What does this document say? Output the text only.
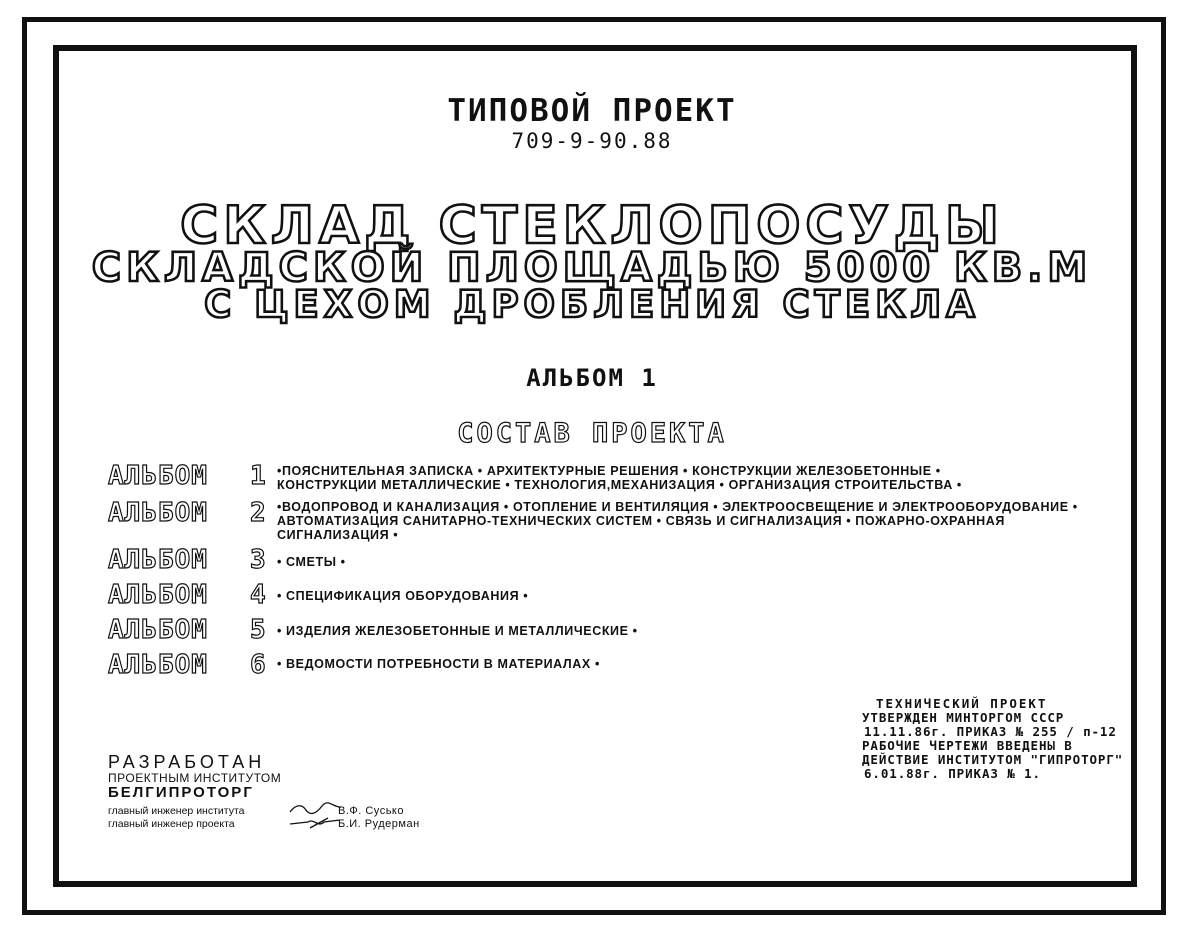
ТИПОВОЙ ПРОЕКТ
709-9-90.88
СКЛАД СТЕКЛОПОСУДЫ
СКЛАДСКОЙ ПЛОЩАДЬЮ 5000 КВ.М
С ЦЕХОМ ДРОБЛЕНИЯ СТЕКЛА
АЛЬБОМ 1
СОСТАВ ПРОЕКТА
АЛЬБОМ 1 •ПОЯСНИТЕЛЬНАЯ ЗАПИСКА • АРХИТЕКТУРНЫЕ РЕШЕНИЯ • КОНСТРУКЦИИ ЖЕЛЕЗОБЕТОННЫЕ •
КОНСТРУКЦИИ МЕТАЛЛИЧЕСКИЕ • ТЕХНОЛОГИЯ,МЕХАНИЗАЦИЯ • ОРГАНИЗАЦИЯ СТРОИТЕЛЬСТВА •
АЛЬБОМ 2 •ВОДОПРОВОД И КАНАЛИЗАЦИЯ • ОТОПЛЕНИЕ И ВЕНТИЛЯЦИЯ • ЭЛЕКТРООСВЕЩЕНИЕ И ЭЛЕКТРООБОРУДОВАНИЕ •
АВТОМАТИЗАЦИЯ САНИТАРНО-ТЕХНИЧЕСКИХ СИСТЕМ • СВЯЗЬ И СИГНАЛИЗАЦИЯ • ПОЖАРНО-ОХРАННАЯ
СИГНАЛИЗАЦИЯ •
АЛЬБОМ 3 • СМЕТЫ •
АЛЬБОМ 4 • СПЕЦИФИКАЦИЯ ОБОРУДОВАНИЯ •
АЛЬБОМ 5 • ИЗДЕЛИЯ ЖЕЛЕЗОБЕТОННЫЕ И МЕТАЛЛИЧЕСКИЕ •
АЛЬБОМ 6 • ВЕДОМОСТИ ПОТРЕБНОСТИ В МАТЕРИАЛАХ •
ТЕХНИЧЕСКИЙ ПРОЕКТ
УТВЕРЖДЕН МИНТОРГОМ СССР
11.11.86г. ПРИКАЗ № 255 / п-12
РАБОЧИЕ ЧЕРТЕЖИ ВВЕДЕНЫ В
ДЕЙСТВИЕ ИНСТИТУТОМ "ГИПРОТОРГ"
6.01.88г. ПРИКАЗ № 1.
РАЗРАБОТАН
ПРОЕКТНЫМ ИНСТИТУТОМ
БЕЛГИПРОТОРГ
главный инженер института	В.Ф. Сусько
главный инженер проекта	Б.И. Рудерман
